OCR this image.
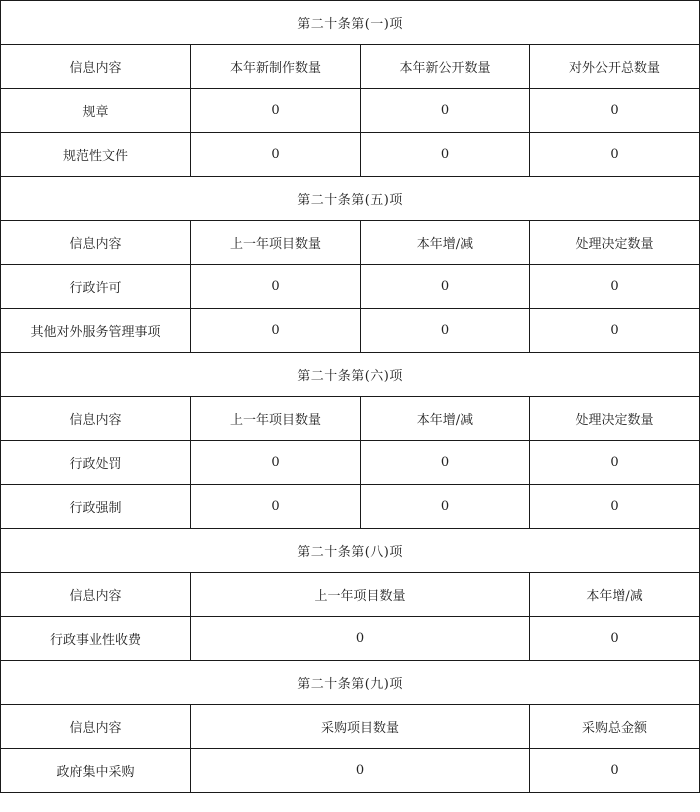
第二十条第(一)项			
信息内容	本年新制作数量	本年新公开数量	对外公开总数量
规章	0	0	0
规范性文件	0	0	0
第二十条第(五)项			
信息内容	上一年项目数量	本年增/减	处理决定数量
行政许可	0	0	0
其他对外服务管理事项	0	0	0
第二十条第(六)项			
信息内容	上一年项目数量	本年增/减	处理决定数量
行政处罚	0	0	0
行政强制	0	0	0
第二十条第(八)项			
信息内容	上一年项目数量		本年增/减
行政事业性收费	0		0
第二十条第(九)项			
信息内容	采购项目数量		采购总金额
政府集中采购	0		0
